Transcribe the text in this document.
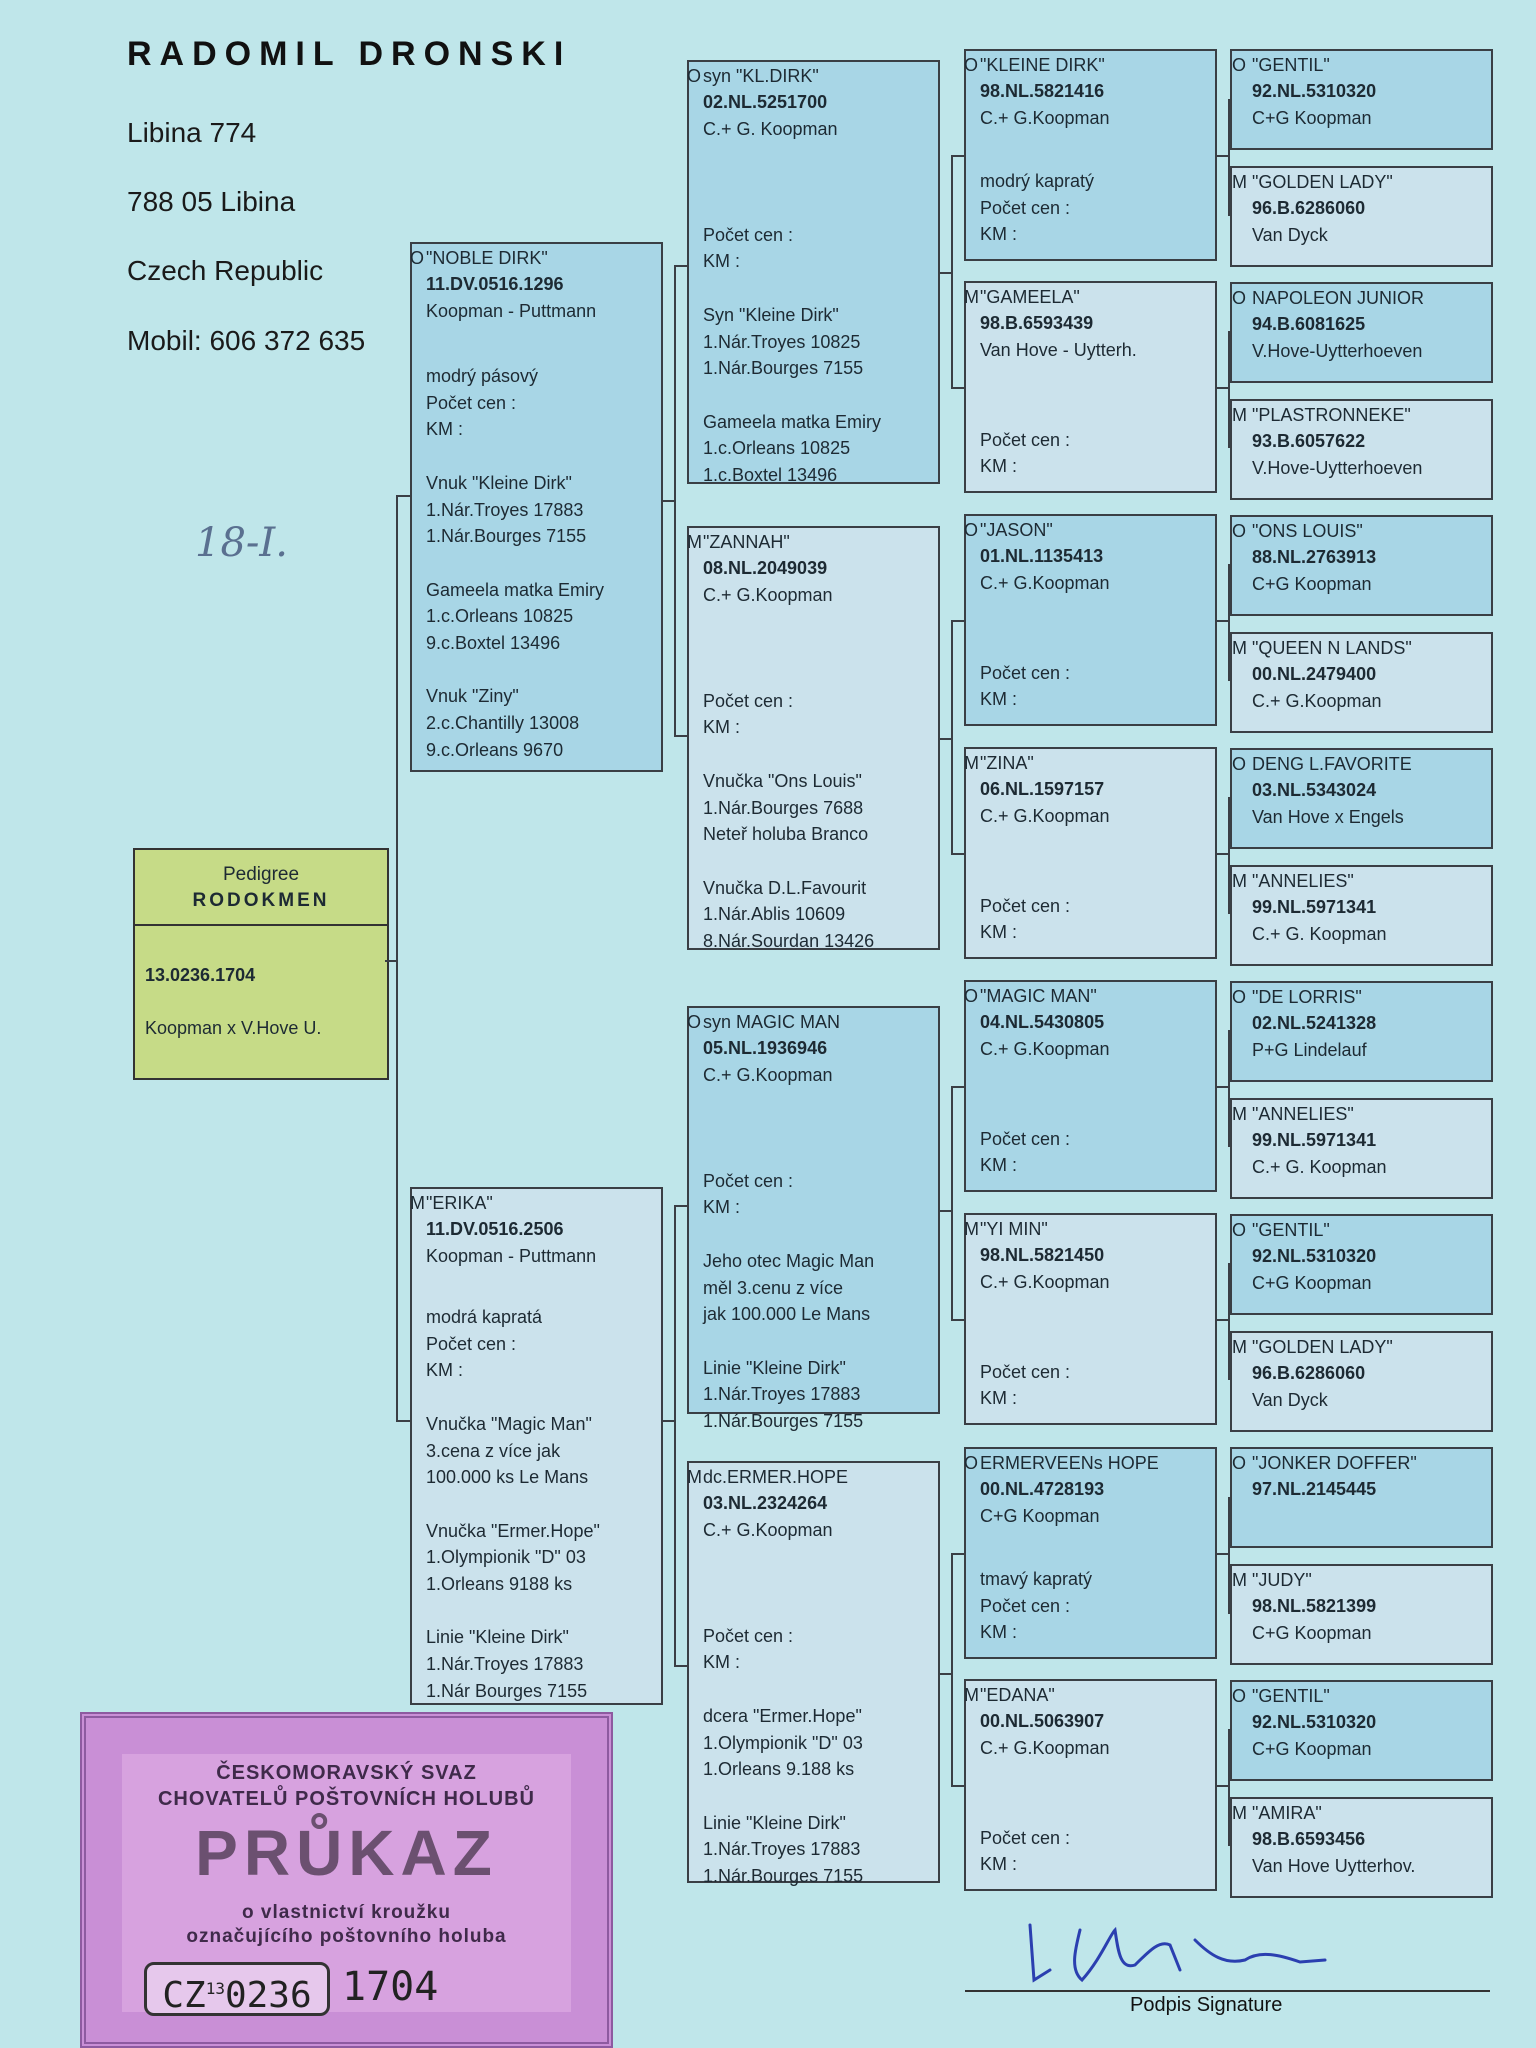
RADOMIL DRONSKI
Libina 774
788 05 Libina
Czech Republic
Mobil: 606 372 635
18-I.
Pedigree
RODOKMEN
13.0236.1704
Koopman x V.Hove U.
O "NOBLE DIRK"
11.DV.0516.1296
Koopman - Puttmann
modrý pásový
Počet cen :
KM :
Vnuk "Kleine Dirk"
1.Nár.Troyes 17883
1.Nár.Bourges 7155
Gameela matka Emiry
1.c.Orleans 10825
9.c.Boxtel 13496
Vnuk "Ziny"
2.c.Chantilly 13008
9.c.Orleans 9670
M "ERIKA"
11.DV.0516.2506
Koopman - Puttmann
modrá kapratá
Počet cen :
KM :
Vnučka "Magic Man"
3.cena z více jak
100.000 ks Le Mans
Vnučka "Ermer.Hope"
1.Olympionik "D" 03
1.Orleans 9188 ks
Linie "Kleine Dirk"
1.Nár.Troyes 17883
1.Nár Bourges 7155
O syn "KL.DIRK"
02.NL.5251700
C.+ G. Koopman
Počet cen :
KM :
Syn "Kleine Dirk"
1.Nár.Troyes 10825
1.Nár.Bourges 7155
Gameela matka Emiry
1.c.Orleans 10825
1.c.Boxtel 13496
M "ZANNAH"
08.NL.2049039
C.+ G.Koopman
Počet cen :
KM :
Vnučka "Ons Louis"
1.Nár.Bourges 7688
Neteř holuba Branco
Vnučka D.L.Favourit
1.Nár.Ablis 10609
8.Nár.Sourdan 13426
O syn MAGIC MAN
05.NL.1936946
C.+ G.Koopman
Počet cen :
KM :
Jeho otec Magic Man
měl 3.cenu z více
jak 100.000 Le Mans
Linie "Kleine Dirk"
1.Nár.Troyes 17883
1.Nár.Bourges 7155
M dc.ERMER.HOPE
03.NL.2324264
C.+ G.Koopman
Počet cen :
KM :
dcera "Ermer.Hope"
1.Olympionik "D" 03
1.Orleans 9.188 ks
Linie "Kleine Dirk"
1.Nár.Troyes 17883
1.Nár.Bourges 7155
O "KLEINE DIRK"
98.NL.5821416
C.+ G.Koopman
modrý kapratý
Počet cen :
KM :
M "GAMEELA"
98.B.6593439
Van Hove - Uytterh.
Počet cen :
KM :
O "JASON"
01.NL.1135413
C.+ G.Koopman
Počet cen :
KM :
M "ZINA"
06.NL.1597157
C.+ G.Koopman
Počet cen :
KM :
O "MAGIC MAN"
04.NL.5430805
C.+ G.Koopman
Počet cen :
KM :
M "YI MIN"
98.NL.5821450
C.+ G.Koopman
Počet cen :
KM :
O ERMERVEENs HOPE
00.NL.4728193
C+G Koopman
tmavý kapratý
Počet cen :
KM :
M "EDANA"
00.NL.5063907
C.+ G.Koopman
Počet cen :
KM :
O "GENTIL"
92.NL.5310320
C+G Koopman
M "GOLDEN LADY"
96.B.6286060
Van Dyck
O NAPOLEON JUNIOR
94.B.6081625
V.Hove-Uytterhoeven
M "PLASTRONNEKE"
93.B.6057622
V.Hove-Uytterhoeven
O "ONS LOUIS"
88.NL.2763913
C+G Koopman
M "QUEEN N LANDS"
00.NL.2479400
C.+ G.Koopman
O DENG L.FAVORITE
03.NL.5343024
Van Hove x Engels
M "ANNELIES"
99.NL.5971341
C.+ G. Koopman
O "DE LORRIS"
02.NL.5241328
P+G Lindelauf
M "ANNELIES"
99.NL.5971341
C.+ G. Koopman
O "GENTIL"
92.NL.5310320
C+G Koopman
M "GOLDEN LADY"
96.B.6286060
Van Dyck
O "JONKER DOFFER"
97.NL.2145445
M "JUDY"
98.NL.5821399
C+G Koopman
O "GENTIL"
92.NL.5310320
C+G Koopman
M "AMIRA"
98.B.6593456
Van Hove Uytterhov.
ČESKOMORAVSKÝ SVAZ
CHOVATELŮ POŠTOVNÍCH HOLUBŮ
PRŮKAZ
o vlastnictví kroužku
označujícího poštovního holuba
CZ$^{13}$0236 1704	Podpis Signature
